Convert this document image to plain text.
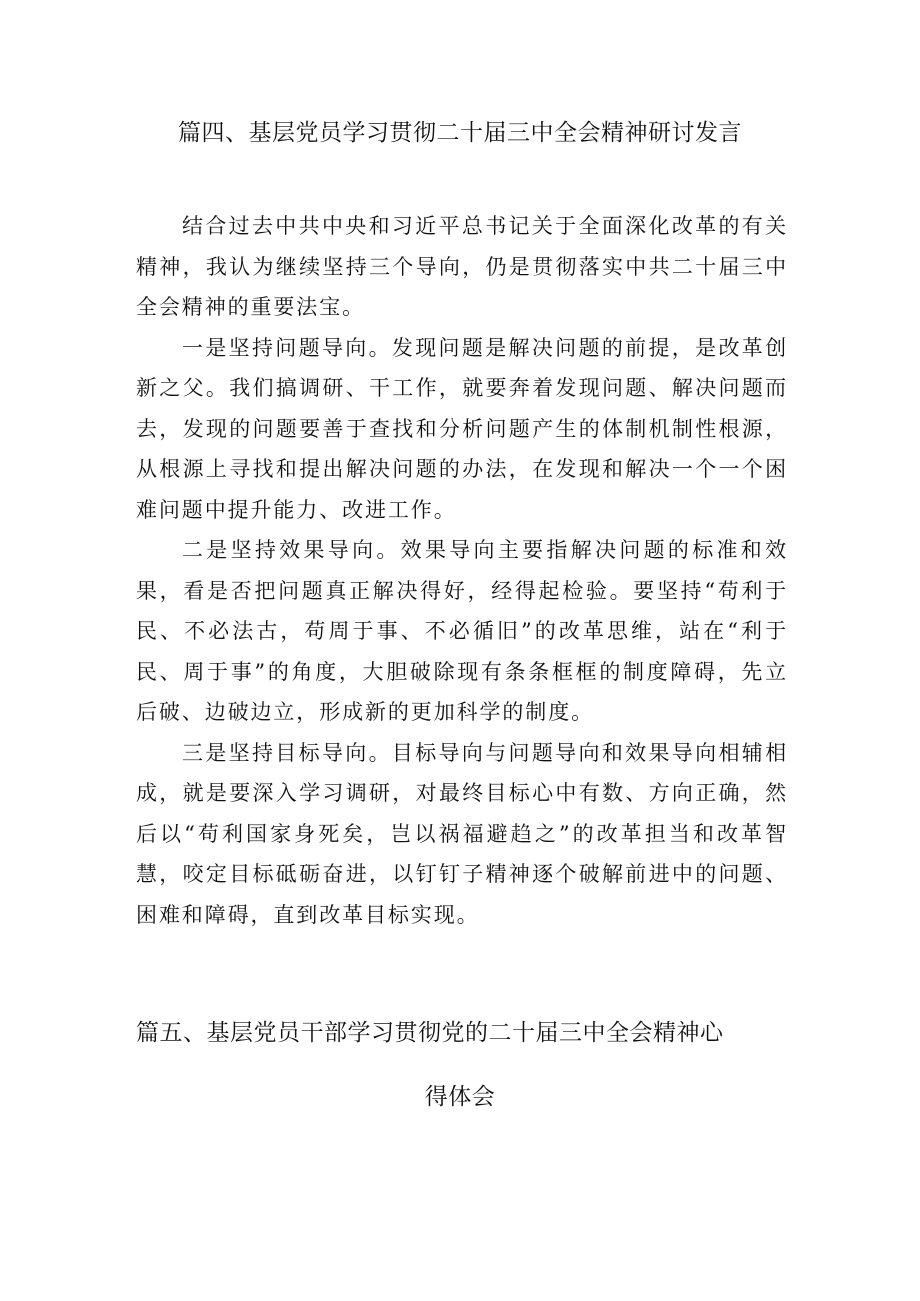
篇四、基层党员学习贯彻二十届三中全会精神研讨发言

结合过去中共中央和习近平总书记关于全面深化改革的有关精神，我认为继续坚持三个导向，仍是贯彻落实中共二十届三中全会精神的重要法宝。

一是坚持问题导向。发现问题是解决问题的前提，是改革创新之父。我们搞调研、干工作，就要奔着发现问题、解决问题而去，发现的问题要善于查找和分析问题产生的体制机制性根源，从根源上寻找和提出解决问题的办法，在发现和解决一个一个困难问题中提升能力、改进工作。

二是坚持效果导向。效果导向主要指解决问题的标准和效果，看是否把问题真正解决得好，经得起检验。要坚持“苟利于民、不必法古，苟周于事、不必循旧”的改革思维，站在“利于民、周于事”的角度，大胆破除现有条条框框的制度障碍，先立后破、边破边立，形成新的更加科学的制度。

三是坚持目标导向。目标导向与问题导向和效果导向相辅相成，就是要深入学习调研，对最终目标心中有数、方向正确，然后以“苟利国家身死矣，岂以祸福避趋之”的改革担当和改革智慧，咬定目标砥砺奋进，以钉钉子精神逐个破解前进中的问题、困难和障碍，直到改革目标实现。

篇五、基层党员干部学习贯彻党的二十届三中全会精神心
得体会
